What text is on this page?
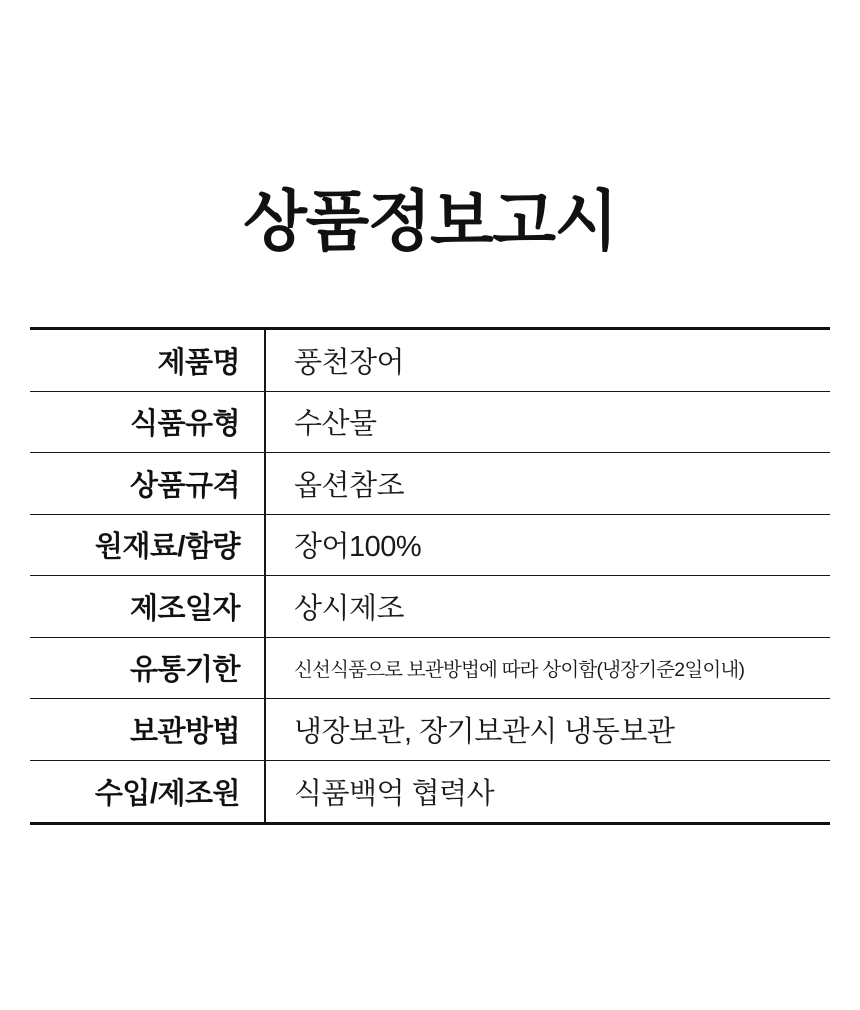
상품정보고시
제품명	풍천장어
식품유형	수산물
상품규격	옵션참조
원재료/함량	장어100%
제조일자	상시제조
유통기한	신선식품으로 보관방법에 따라 상이함(냉장기준2일이내)
보관방법	냉장보관, 장기보관시 냉동보관
수입/제조원	식품백억 협력사
